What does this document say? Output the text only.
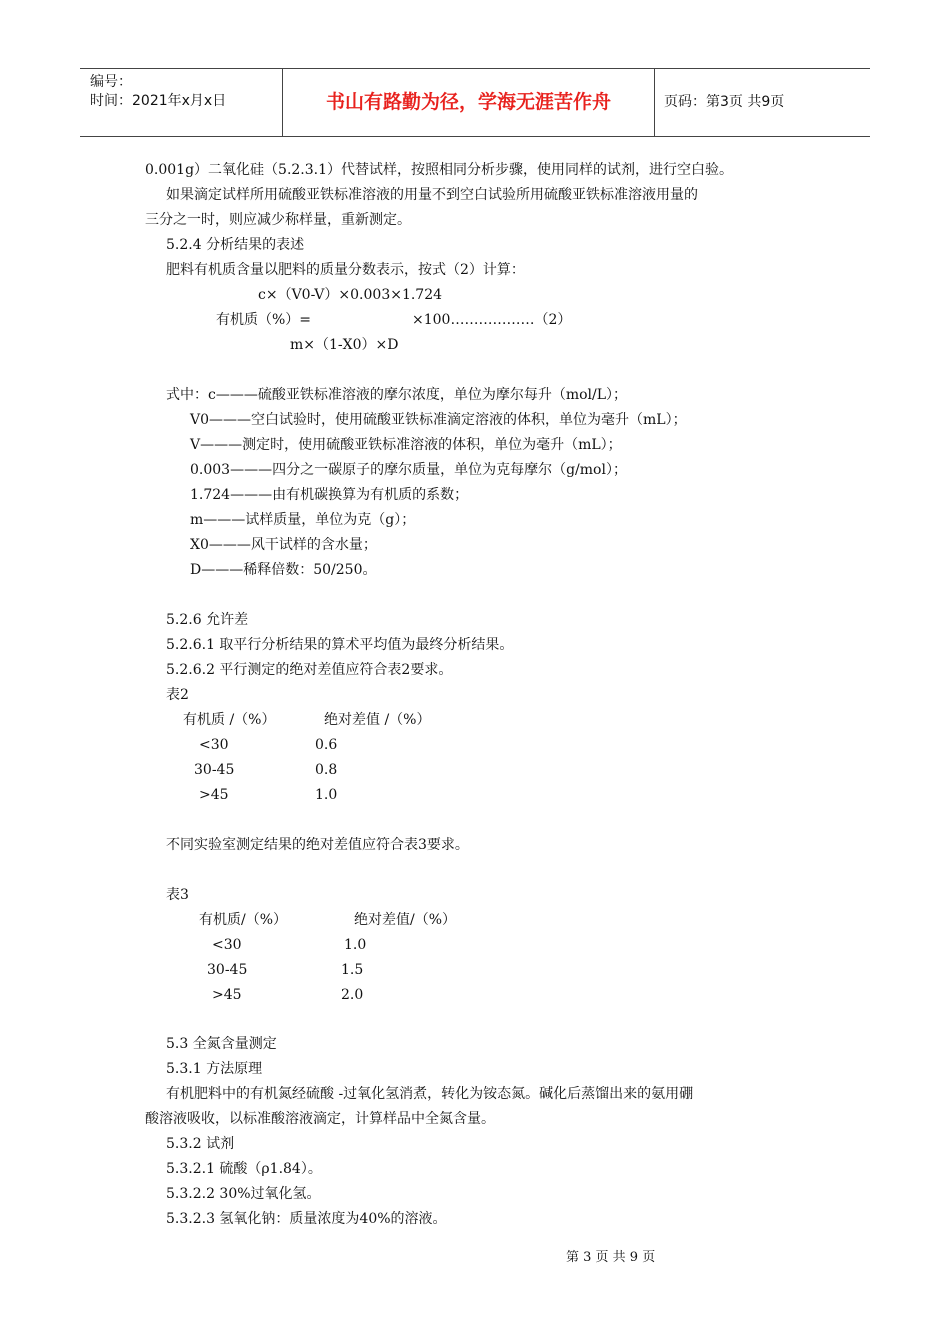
编号：
时间：2021年x月x日	书山有路勤为径，学海无涯苦作舟	页码：第3页 共9页
0.001g）二氧化硅（5.2.3.1）代替试样，按照相同分析步骤，使用同样的试剂，进行空白验。
如果滴定试样所用硫酸亚铁标准溶液的用量不到空白试验所用硫酸亚铁标准溶液用量的
三分之一时，则应减少称样量，重新测定。
5.2.4 分析结果的表述
肥料有机质含量以肥料的质量分数表示，按式（2）计算：
c×（V0-V）×0.003×1.724
有机质（%）=	×100………………（2）
m×（1-X0）×D
式中：c———硫酸亚铁标准溶液的摩尔浓度，单位为摩尔每升（mol/L）；
V0———空白试验时，使用硫酸亚铁标准滴定溶液的体积，单位为毫升（mL）；
V———测定时，使用硫酸亚铁标准溶液的体积，单位为毫升（mL）；
0.003———四分之一碳原子的摩尔质量，单位为克每摩尔（g/mol）；
1.724———由有机碳换算为有机质的系数；
m———试样质量，单位为克（g）；
X0———风干试样的含水量；
D———稀释倍数：50/250。
5.2.6 允许差
5.2.6.1 取平行分析结果的算术平均值为最终分析结果。
5.2.6.2 平行测定的绝对差值应符合表2要求。
表2
有机质 /（%）	绝对差值 /（%）
<30	0.6
30-45	0.8
>45	1.0
不同实验室测定结果的绝对差值应符合表3要求。
表3
有机质/（%）	绝对差值/（%）
<30	1.0
30-45	1.5
>45	2.0
5.3 全氮含量测定
5.3.1 方法原理
有机肥料中的有机氮经硫酸 -过氧化氢消煮，转化为铵态氮。碱化后蒸馏出来的氨用硼
酸溶液吸收，以标准酸溶液滴定，计算样品中全氮含量。
5.3.2 试剂
5.3.2.1 硫酸（ρ1.84）。
5.3.2.2 30%过氧化氢。
5.3.2.3 氢氧化钠：质量浓度为40%的溶液。
第 3 页 共 9 页
